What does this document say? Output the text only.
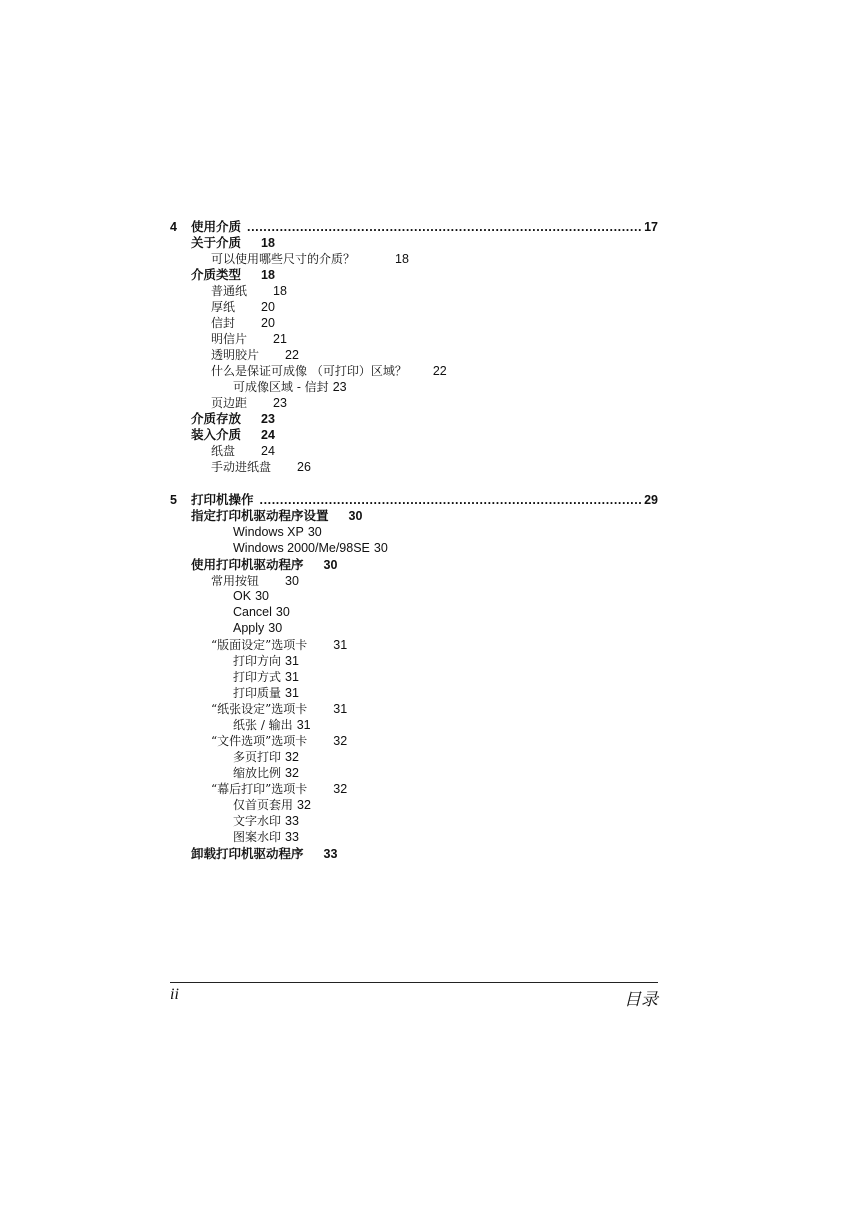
4	使用介质 .....	17
关于介质 18
可以使用哪些尺寸的介质？	18
介质类型 18
普通纸 18
厚纸 20
信封 20
明信片 21
透明胶片 22
什么是保证可成像 （可打印）区域？ 22
可成像区域 - 信封 23
页边距 23
介质存放 23
装入介质 24
纸盘 24
手动进纸盘 26
5	打印机操作 .....	29
指定打印机驱动程序设置 30
Windows XP 30
Windows 2000/Me/98SE 30
使用打印机驱动程序 30
常用按钮 30
OK 30
Cancel 30
Apply 30
“版面设定”选项卡 31
打印方向 31
打印方式 31
打印质量 31
“纸张设定”选项卡 31
纸张 / 输出 31
“文件选项”选项卡 32
多页打印 32
缩放比例 32
“幕后打印”选项卡 32
仅首页套用 32
文字水印 33
图案水印 33
卸载打印机驱动程序 33
ii	目录
